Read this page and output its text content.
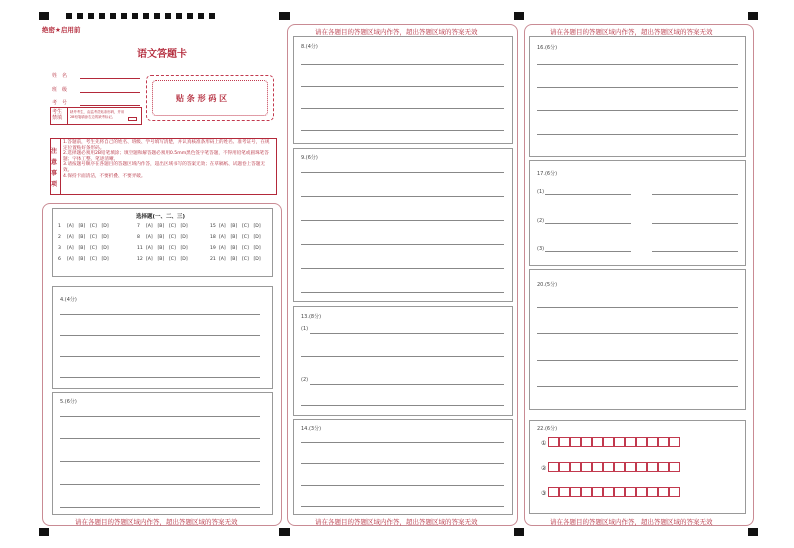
绝密★启用前
语文答题卡
姓　名
班　级
考　号	贴 条 形 码 区
考生
禁填
缺考考生，由监考员贴条形码，并用2B铅笔填涂右边的缺考标记。
注意事项
1.答题前，考生先将自己的姓名、班级、学号填写清楚，并认真核准条形码上的姓名、准考证号，在规定位置贴好条形码。
2.选择题必须用2B铅笔填涂；填空题和解答题必须用0.5mm黑色签字笔答题，不得用铅笔或圆珠笔答题；字体工整、笔迹清晰。
3.请按题号顺序在各题目的答题区域内作答，超出区域书写的答案无效；在草稿纸、试题卷上答题无效。
4.保持卡面清洁，不要折叠、不要弄破。
选择题(一、二、三)
1 [A] [B] [C] [D]
2 [A] [B] [C] [D]
3 [A] [B] [C] [D]
6 [A] [B] [C] [D]
7 [A] [B] [C] [D]
8 [A] [B] [C] [D]
11 [A] [B] [C] [D]
12 [A] [B] [C] [D]
15 [A] [B] [C] [D]
18 [A] [B] [C] [D]
19 [A] [B] [C] [D]
21 [A] [B] [C] [D]
4.(4分)
5.(6分)
请在各题目的答题区域内作答，超出答题区域的答案无效
请在各题目的答题区域内作答，超出答题区域的答案无效
8.(4分)
9.(6分)
13.(8分)
(1)
(2)
14.(3分)
请在各题目的答题区域内作答，超出答题区域的答案无效
请在各题目的答题区域内作答，超出答题区域的答案无效
16.(6分)
17.(6分)
(1)
(2)
(3)
20.(5分)
22.(6分)
①
②
③
请在各题目的答题区域内作答，超出答题区域的答案无效
